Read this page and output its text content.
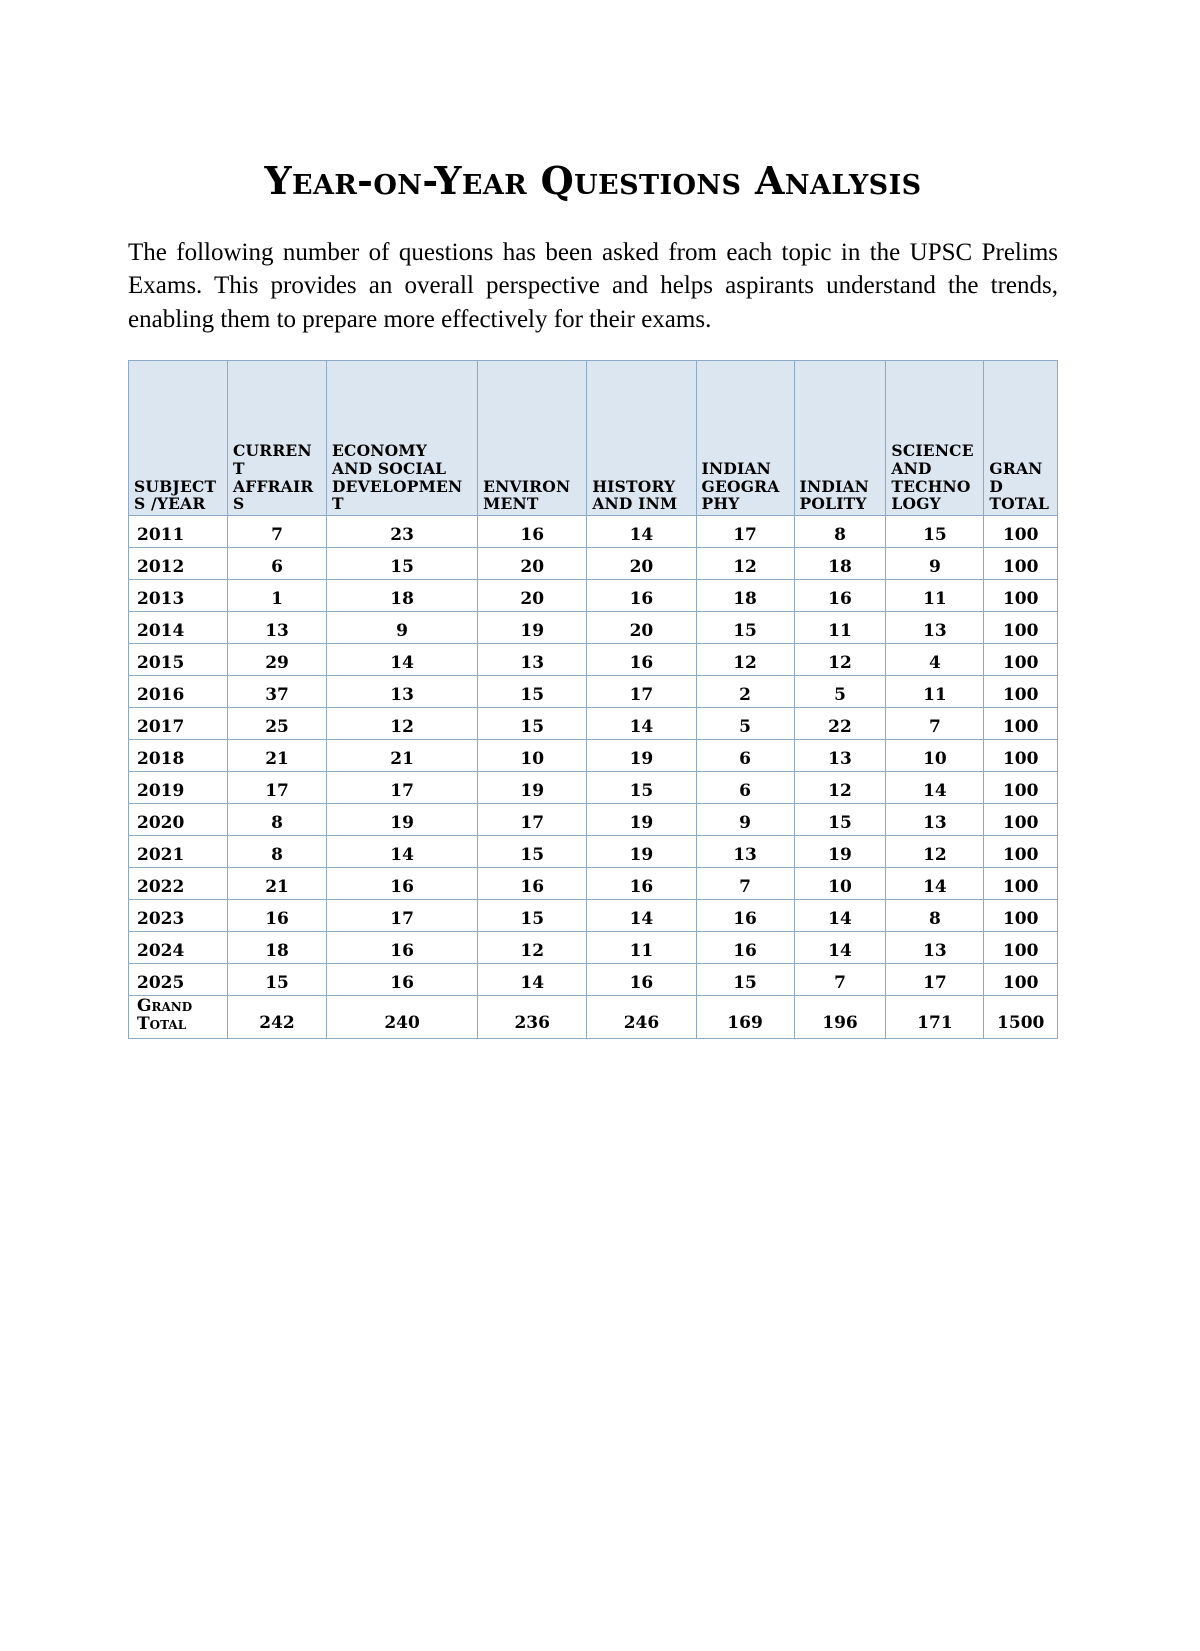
Year-on-Year Questions Analysis

The following number of questions has been asked from each topic in the UPSC Prelims Exams. This provides an overall perspective and helps aspirants understand the trends, enabling them to prepare more effectively for their exams.

SUBJECTS /YEAR	CURRENT AFFRAIRS	ECONOMY AND SOCIAL DEVELOPMENT	ENVIRONMENT	HISTORY AND INM	INDIAN GEOGRAPHY	INDIAN POLITY	SCIENCE AND TECHNOLOGY	GRAND TOTAL
2011	7	23	16	14	17	8	15	100
2012	6	15	20	20	12	18	9	100
2013	1	18	20	16	18	16	11	100
2014	13	9	19	20	15	11	13	100
2015	29	14	13	16	12	12	4	100
2016	37	13	15	17	2	5	11	100
2017	25	12	15	14	5	22	7	100
2018	21	21	10	19	6	13	10	100
2019	17	17	19	15	6	12	14	100
2020	8	19	17	19	9	15	13	100
2021	8	14	15	19	13	19	12	100
2022	21	16	16	16	7	10	14	100
2023	16	17	15	14	16	14	8	100
2024	18	16	12	11	16	14	13	100
2025	15	16	14	16	15	7	17	100
Grand Total	242	240	236	246	169	196	171	1500
